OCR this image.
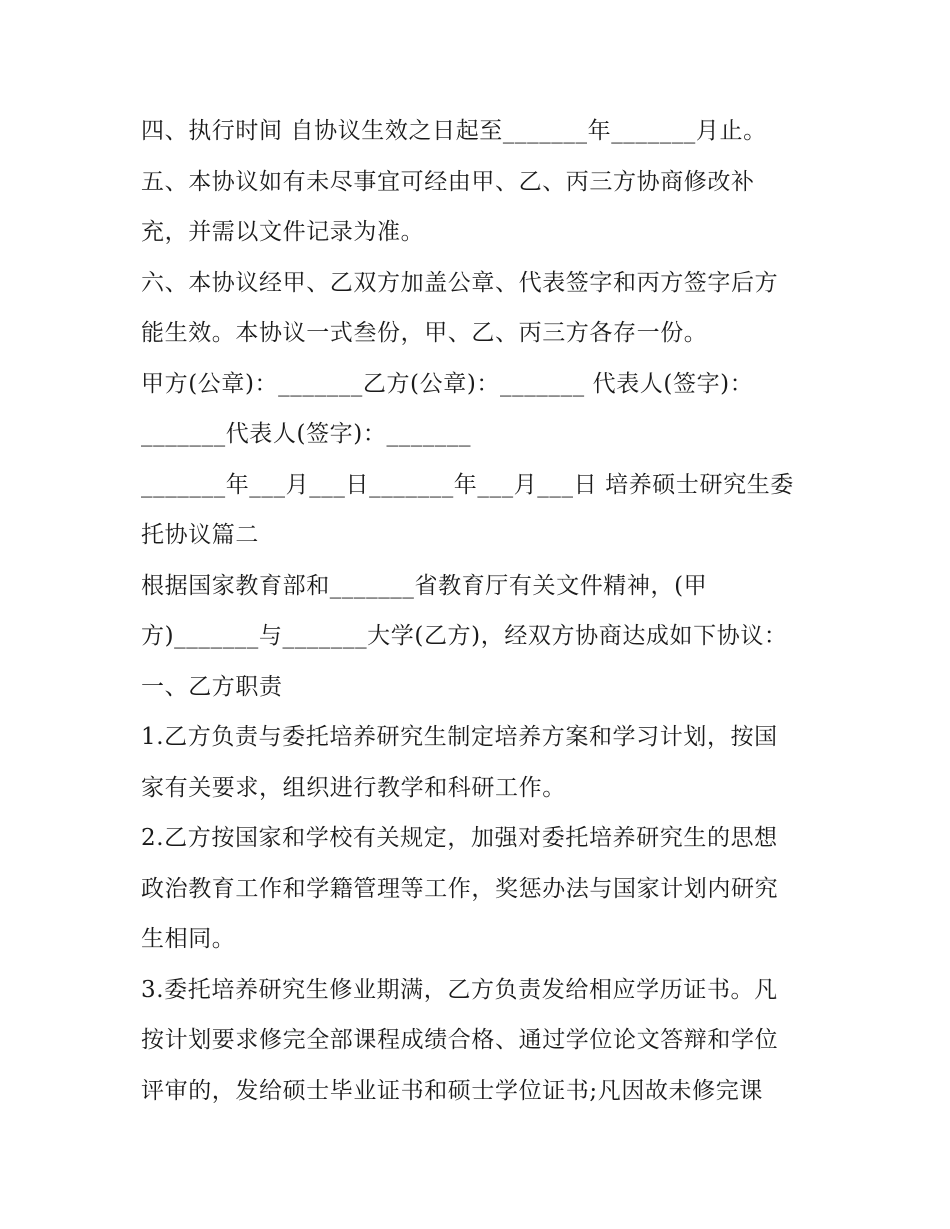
四、执行时间 自协议生效之日起至_______年_______月止。
五、本协议如有未尽事宜可经由甲、乙、丙三方协商修改补
充，并需以文件记录为准。
六、本协议经甲、乙双方加盖公章、代表签字和丙方签字后方
能生效。本协议一式叁份，甲、乙、丙三方各存一份。
甲方(公章)：_______乙方(公章)：_______ 代表人(签字)：
_______代表人(签字)：_______
_______年___月___日_______年___月___日 培养硕士研究生委
托协议篇二
根据国家教育部和_______省教育厅有关文件精神，(甲
方)_______与_______大学(乙方)，经双方协商达成如下协议：
一、乙方职责
1.乙方负责与委托培养研究生制定培养方案和学习计划，按国
家有关要求，组织进行教学和科研工作。
2.乙方按国家和学校有关规定，加强对委托培养研究生的思想
政治教育工作和学籍管理等工作，奖惩办法与国家计划内研究
生相同。
3.委托培养研究生修业期满，乙方负责发给相应学历证书。凡
按计划要求修完全部课程成绩合格、通过学位论文答辩和学位
评审的，发给硕士毕业证书和硕士学位证书;凡因故未修完课
